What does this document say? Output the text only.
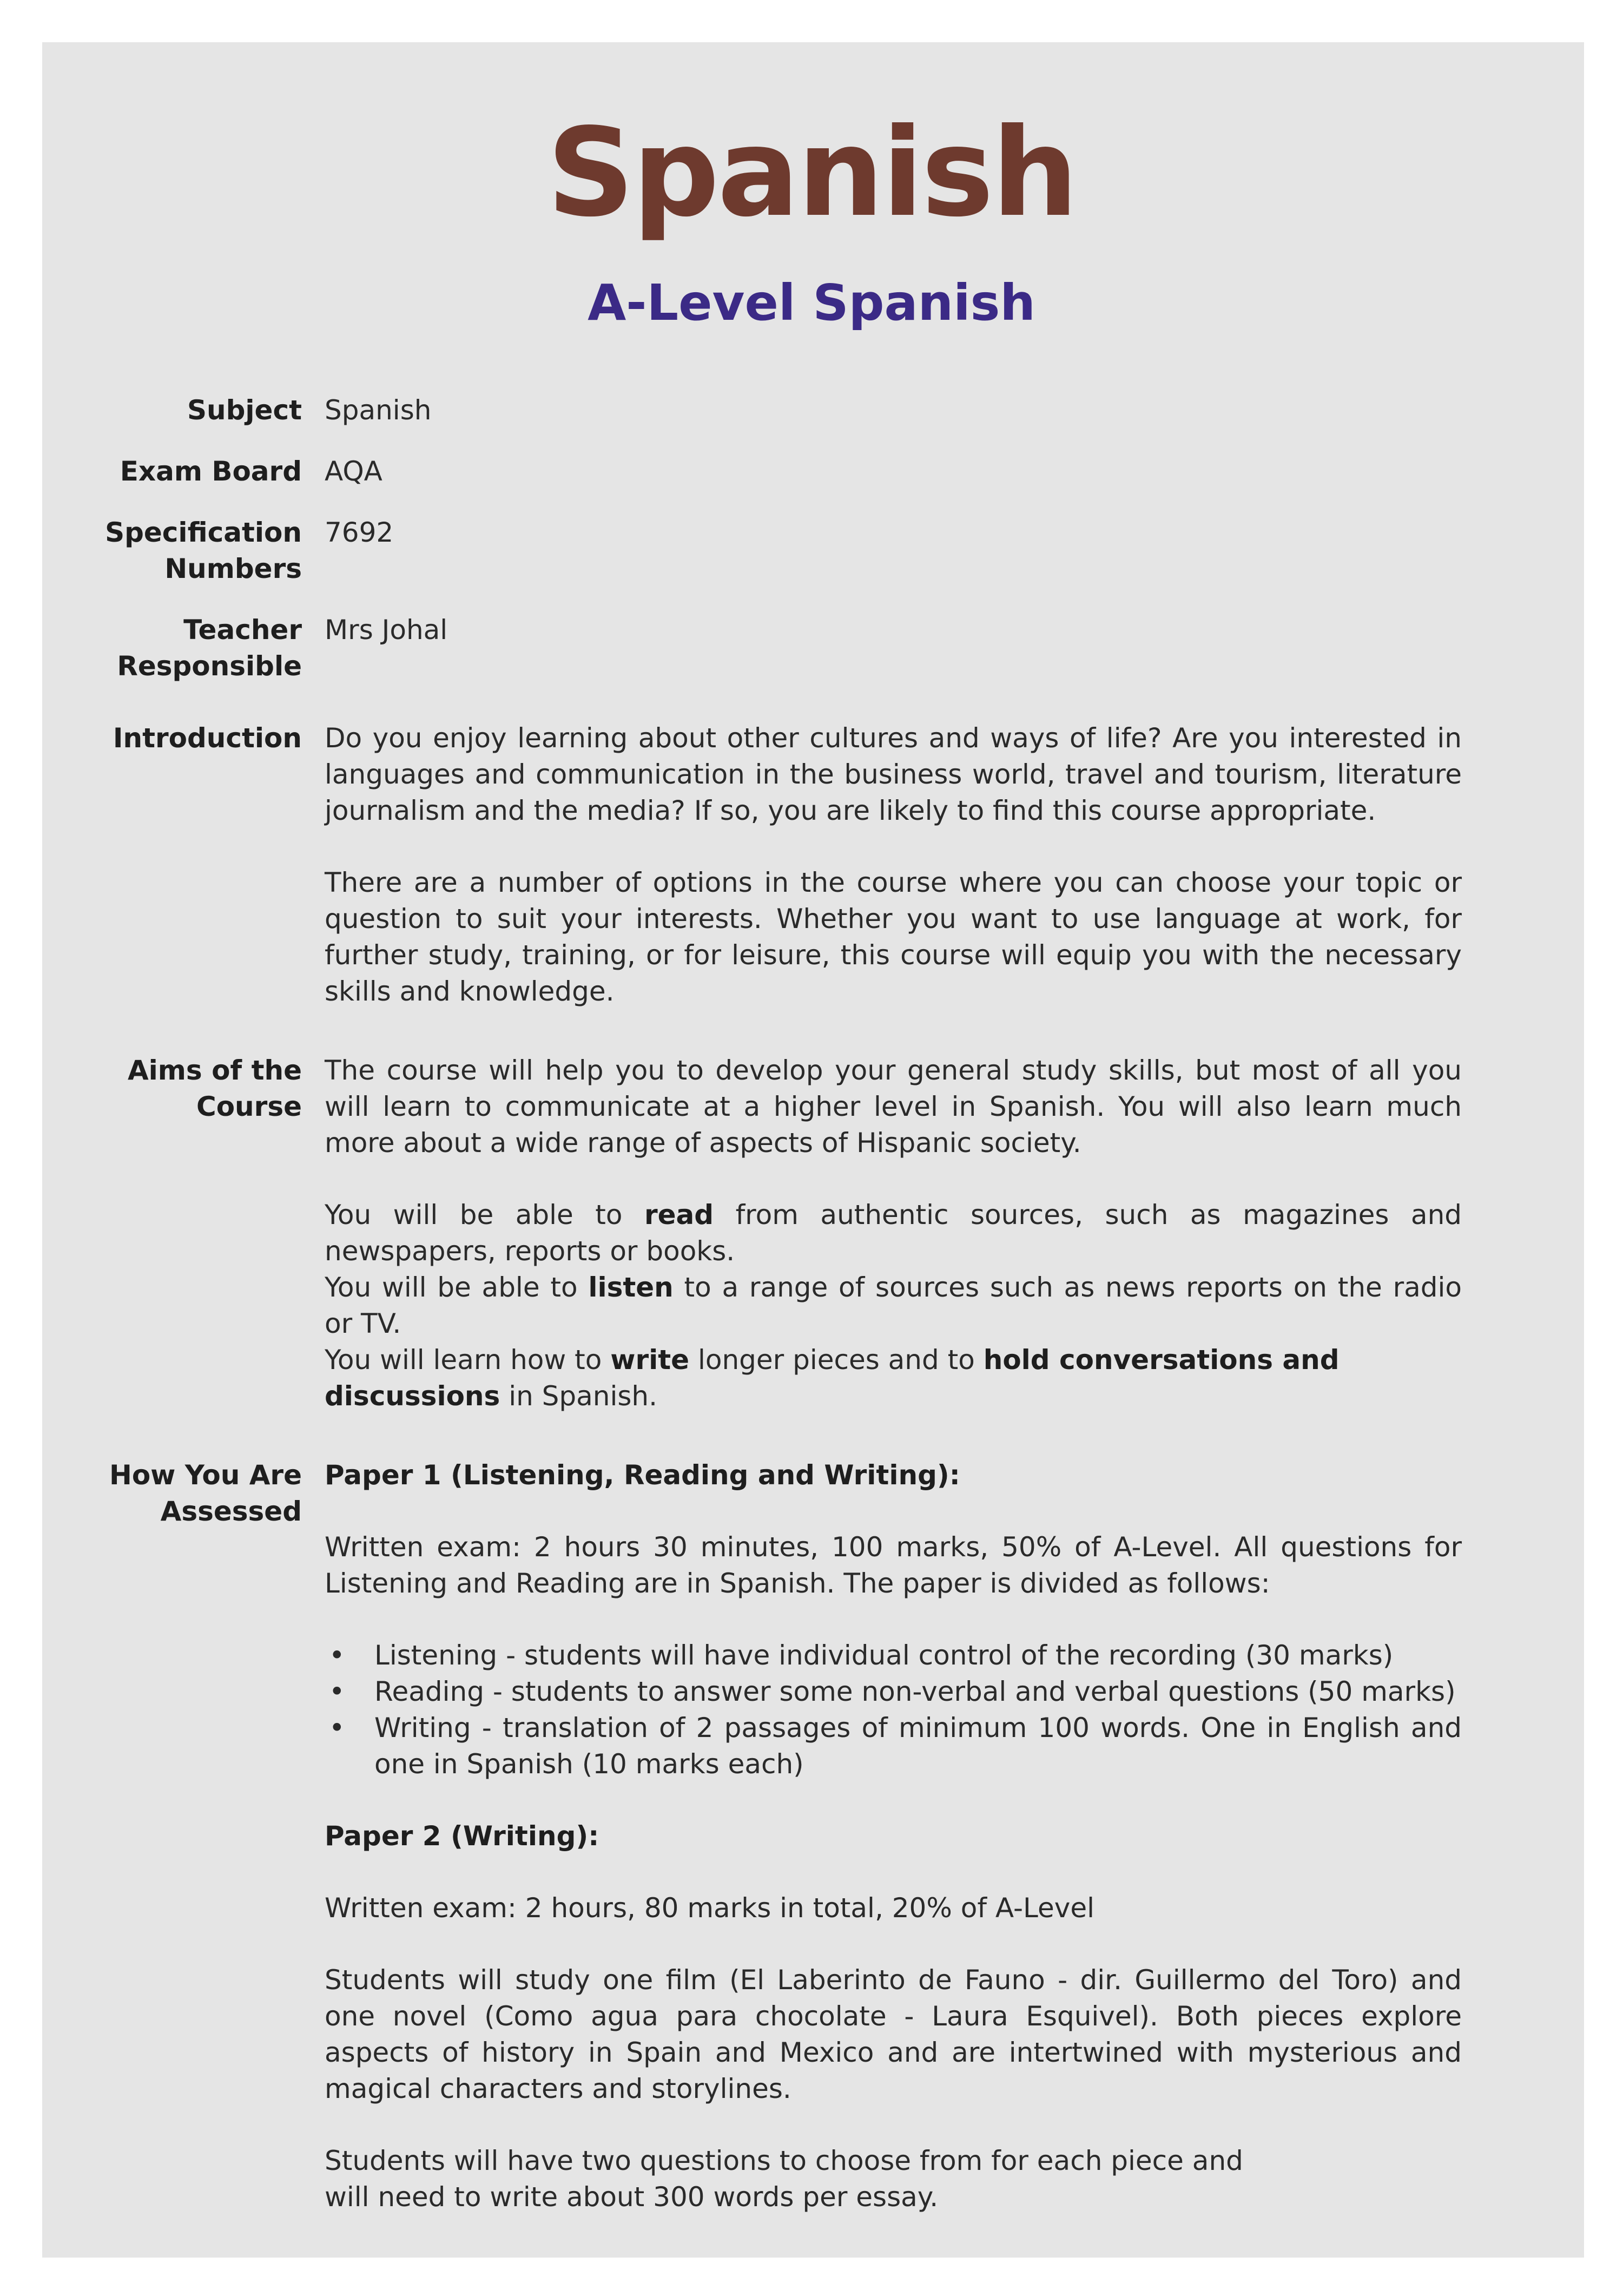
Spanish
A-Level Spanish
Subject Spanish
Exam Board AQA
Specification
Numbers
7692
Teacher
Responsible
Mrs Johal
Introduction Do you enjoy learning about other cultures and ways of life? Are you interested in languages and communication in the business world, travel and tourism, literature journalism and the media? If so, you are likely to find this course appropriate.

There are a number of options in the course where you can choose your topic or question to suit your interests. Whether you want to use language at work, for further study, training, or for leisure, this course will equip you with the necessary skills and knowledge.

Aims of the
Course

The course will help you to develop your general study skills, but most of all you will learn to communicate at a higher level in Spanish. You will also learn much more about a wide range of aspects of Hispanic society.

You will be able to read from authentic sources, such as magazines and newspapers, reports or books.

You will be able to listen to a range of sources such as news reports on the radio or TV.

You will learn how to write longer pieces and to hold conversations and discussions in Spanish.

How You Are
Assessed

Paper 1 (Listening, Reading and Writing):

Written exam: 2 hours 30 minutes, 100 marks, 50% of A-Level. All questions for Listening and Reading are in Spanish. The paper is divided as follows:

• Listening - students will have individual control of the recording (30 marks)
• Reading - students to answer some non-verbal and verbal questions (50 marks)
• Writing - translation of 2 passages of minimum 100 words. One in English and one in Spanish (10 marks each)

Paper 2 (Writing):

Written exam: 2 hours, 80 marks in total, 20% of A-Level

Students will study one film (El Laberinto de Fauno - dir. Guillermo del Toro) and one novel (Como agua para chocolate - Laura Esquivel). Both pieces explore aspects of history in Spain and Mexico and are intertwined with mysterious and magical characters and storylines.

Students will have two questions to choose from for each piece and
will need to write about 300 words per essay.
